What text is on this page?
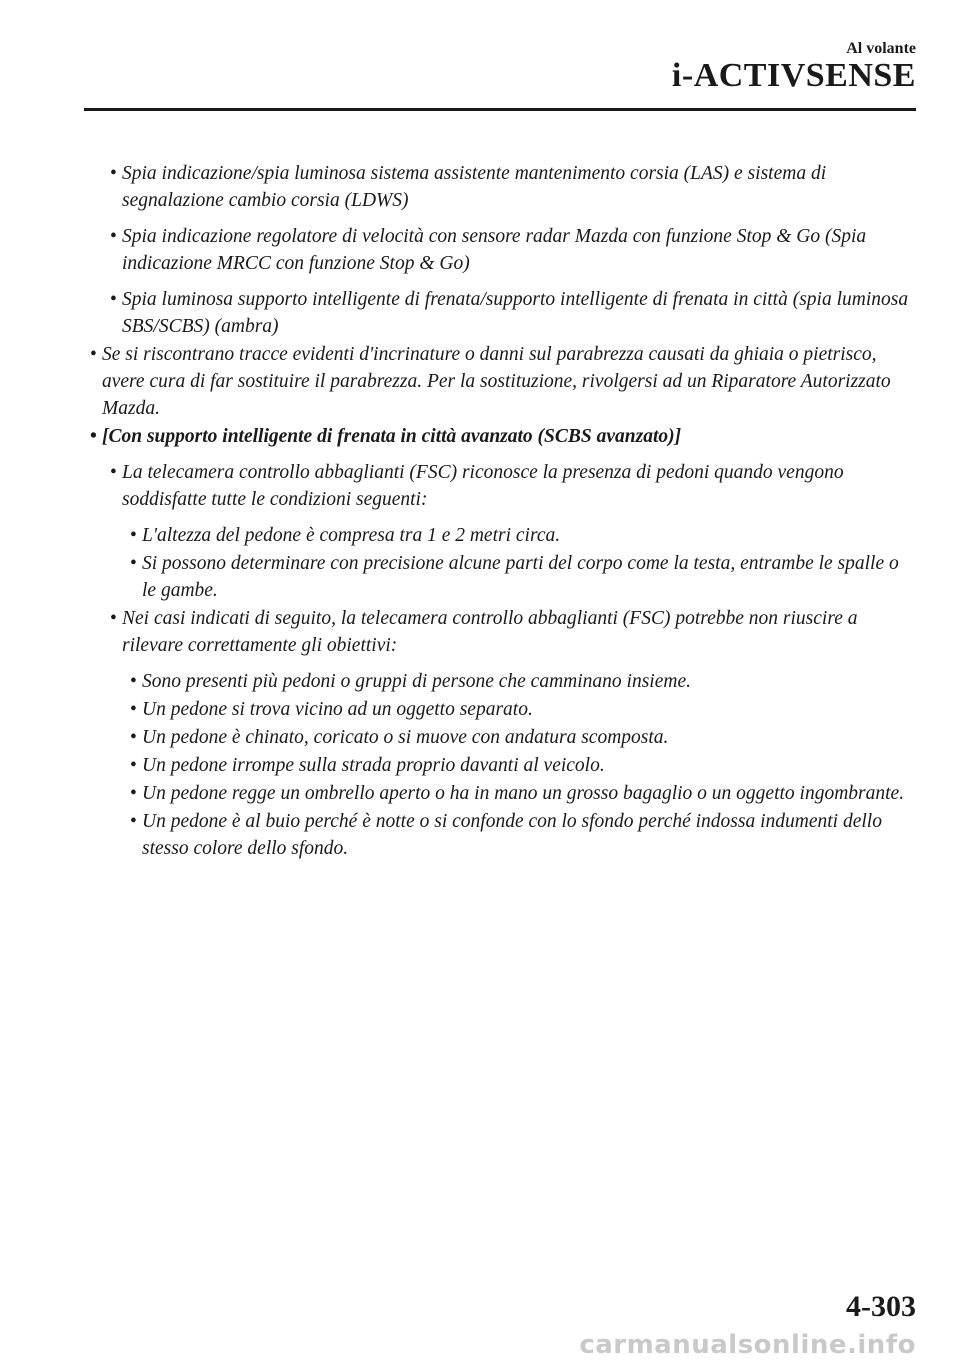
Al volante
i-ACTIVSENSE
• Spia indicazione/spia luminosa sistema assistente mantenimento corsia (LAS) e sistema di segnalazione cambio corsia (LDWS)
• Spia indicazione regolatore di velocità con sensore radar Mazda con funzione Stop & Go (Spia indicazione MRCC con funzione Stop & Go)
• Spia luminosa supporto intelligente di frenata/supporto intelligente di frenata in città (spia luminosa SBS/SCBS) (ambra)
• Se si riscontrano tracce evidenti d'incrinature o danni sul parabrezza causati da ghiaia o pietrisco, avere cura di far sostituire il parabrezza. Per la sostituzione, rivolgersi ad un Riparatore Autorizzato Mazda.
• [Con supporto intelligente di frenata in città avanzato (SCBS avanzato)]
• La telecamera controllo abbaglianti (FSC) riconosce la presenza di pedoni quando vengono soddisfatte tutte le condizioni seguenti:
• L'altezza del pedone è compresa tra 1 e 2 metri circa.
• Si possono determinare con precisione alcune parti del corpo come la testa, entrambe le spalle o le gambe.
• Nei casi indicati di seguito, la telecamera controllo abbaglianti (FSC) potrebbe non riuscire a rilevare correttamente gli obiettivi:
• Sono presenti più pedoni o gruppi di persone che camminano insieme.
• Un pedone si trova vicino ad un oggetto separato.
• Un pedone è chinato, coricato o si muove con andatura scomposta.
• Un pedone irrompe sulla strada proprio davanti al veicolo.
• Un pedone regge un ombrello aperto o ha in mano un grosso bagaglio o un oggetto ingombrante.
• Un pedone è al buio perché è notte o si confonde con lo sfondo perché indossa indumenti dello stesso colore dello sfondo.
4-303
carmanualsonline.info
